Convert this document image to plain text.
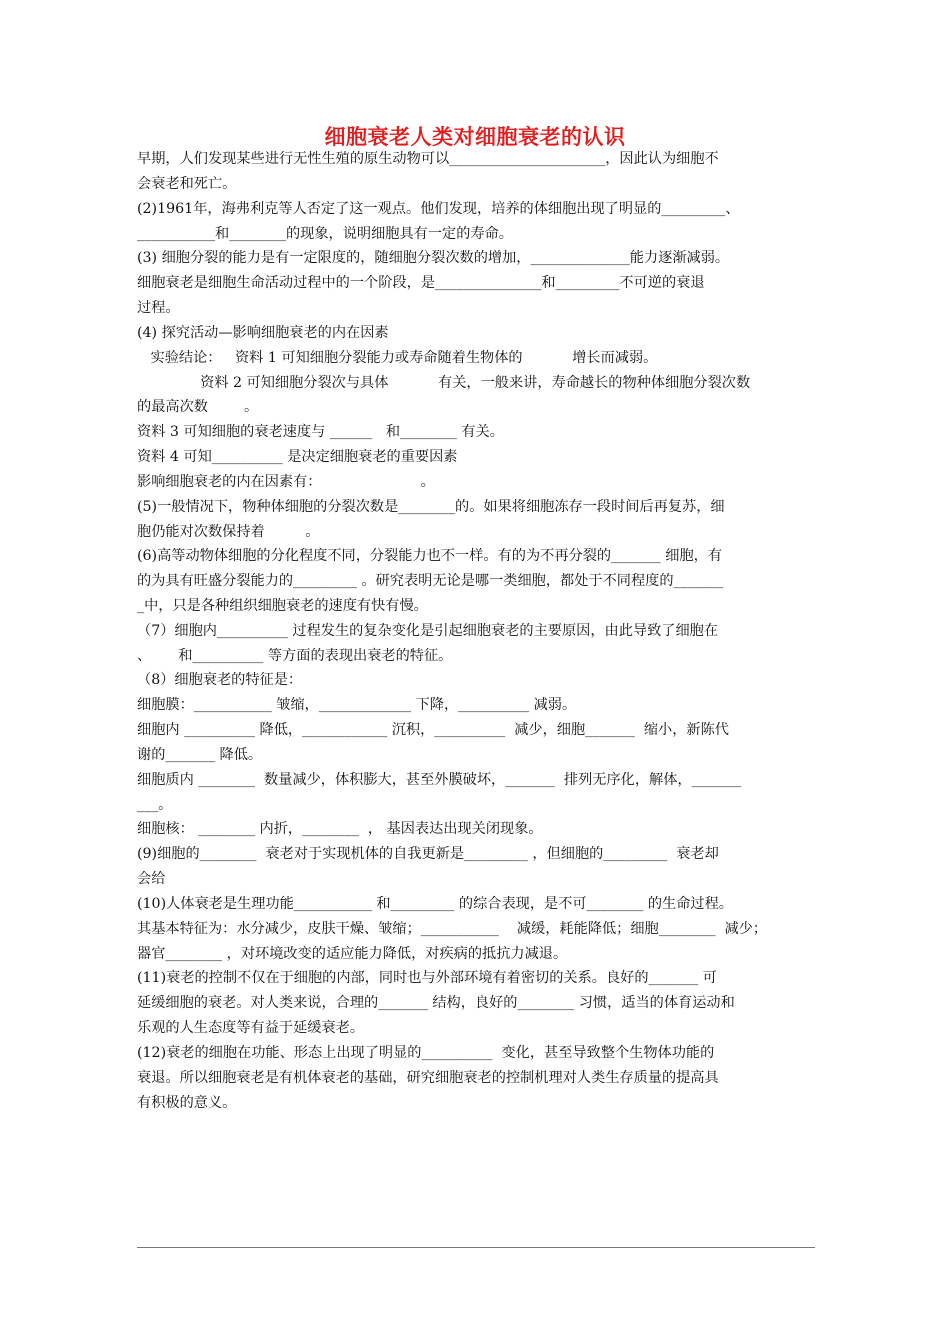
细胞衰老人类对细胞衰老的认识
早期，人们发现某些进行无性生殖的原生动物可以______________________，因此认为细胞不
会衰老和死亡。
(2)1961年，海弗利克等人否定了这一观点。他们发现，培养的体细胞出现了明显的_________、
___________和________的现象，说明细胞具有一定的寿命。
(3) 细胞分裂的能力是有一定限度的，随细胞分裂次数的增加，______________能力逐渐减弱。
细胞衰老是细胞生命活动过程中的一个阶段，是_______________和_________不可逆的衰退
过程。
(4) 探究活动—影响细胞衰老的内在因素
实验结论：   资料 1 可知细胞分裂能力或寿命随着生物体的           增长而减弱。
资料 2 可知细胞分裂次与具体           有关，一般来讲，寿命越长的物种体细胞分裂次数
的最高次数        。
资料 3 可知细胞的衰老速度与 ______   和________ 有关。
资料 4 可知__________ 是决定细胞衰老的重要因素
影响细胞衰老的内在因素有：                      。
(5)一般情况下，物种体细胞的分裂次数是________的。如果将细胞冻存一段时间后再复苏，细
胞仍能对次数保持着         。
(6)高等动物体细胞的分化程度不同，分裂能力也不一样。有的为不再分裂的_______ 细胞，有
的为具有旺盛分裂能力的_________ 。研究表明无论是哪一类细胞，都处于不同程度的_______
_中，只是各种组织细胞衰老的速度有快有慢。
（7）细胞内__________ 过程发生的复杂变化是引起细胞衰老的主要原因，由此导致了细胞在
、      和__________ 等方面的表现出衰老的特征。
（8）细胞衰老的特征是：
细胞膜：___________ 皱缩，_____________ 下降，__________ 减弱。
细胞内 __________ 降低，____________ 沉积，__________  减少，细胞_______  缩小，新陈代
谢的_______ 降低。
细胞质内 ________  数量减少，体积膨大，甚至外膜破坏，_______  排列无序化，解体，_______
___。
细胞核： ________ 内折，________  ， 基因表达出现关闭现象。
(9)细胞的________  衰老对于实现机体的自我更新是_________ ，但细胞的_________  衰老却
会给
(10)人体衰老是生理功能___________ 和_________ 的综合表现，是不可________ 的生命过程。
其基本特征为：水分减少，皮肤干燥、皱缩；___________    减缓，耗能降低；细胞________  减少；
器官________ ，对环境改变的适应能力降低，对疾病的抵抗力减退。
(11)衰老的控制不仅在于细胞的内部，同时也与外部环境有着密切的关系。良好的_______ 可
延缓细胞的衰老。对人类来说，合理的_______ 结构，良好的________ 习惯，适当的体育运动和
乐观的人生态度等有益于延缓衰老。
(12)衰老的细胞在功能、形态上出现了明显的__________  变化，甚至导致整个生物体功能的
衰退。所以细胞衰老是有机体衰老的基础，研究细胞衰老的控制机理对人类生存质量的提高具
有积极的意义。
